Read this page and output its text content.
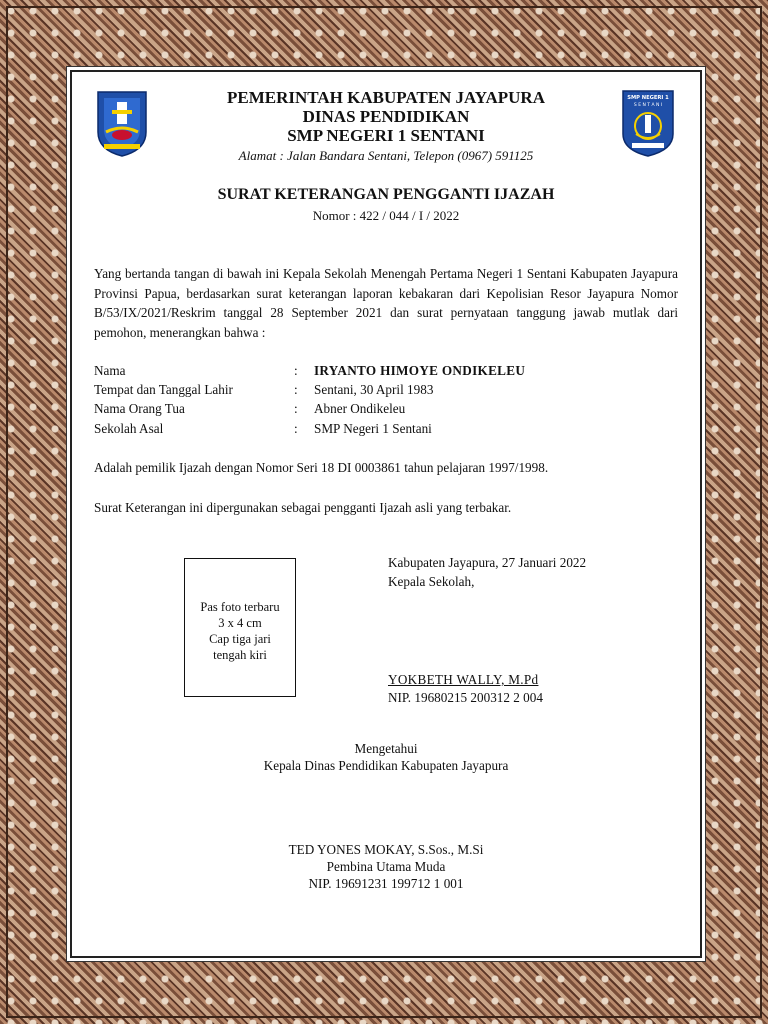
SMP NEGERI 1
S E N T A N I
PEMERINTAH KABUPATEN JAYAPURA
DINAS PENDIDIKAN
SMP NEGERI 1 SENTANI
Alamat : Jalan Bandara Sentani, Telepon (0967) 591125
SURAT KETERANGAN PENGGANTI IJAZAH
Nomor : 422 / 044 / I / 2022
Yang bertanda tangan di bawah ini Kepala Sekolah Menengah Pertama Negeri 1 Sentani Kabupaten Jayapura Provinsi Papua, berdasarkan surat keterangan laporan kebakaran dari Kepolisian Resor Jayapura Nomor B/53/IX/2021/Reskrim tanggal 28 September 2021 dan surat pernyataan tanggung jawab mutlak dari pemohon, menerangkan bahwa :
Nama	: IRYANTO HIMOYE ONDIKELEU
Tempat dan Tanggal Lahir	: Sentani, 30 April 1983
Nama Orang Tua	: Abner Ondikeleu
Sekolah Asal	: SMP Negeri 1 Sentani
Adalah pemilik Ijazah dengan Nomor Seri 18 DI 0003861 tahun pelajaran 1997/1998.
Surat Keterangan ini dipergunakan sebagai pengganti Ijazah asli yang terbakar.
Pas foto terbaru
3 x 4 cm
Cap tiga jari
tengah kiri
Kabupaten Jayapura, 27 Januari 2022
Kepala Sekolah,
YOKBETH WALLY, M.Pd
NIP. 19680215 200312 2 004
Mengetahui
Kepala Dinas Pendidikan Kabupaten Jayapura
TED YONES MOKAY, S.Sos., M.Si
Pembina Utama Muda
NIP. 19691231 199712 1 001
